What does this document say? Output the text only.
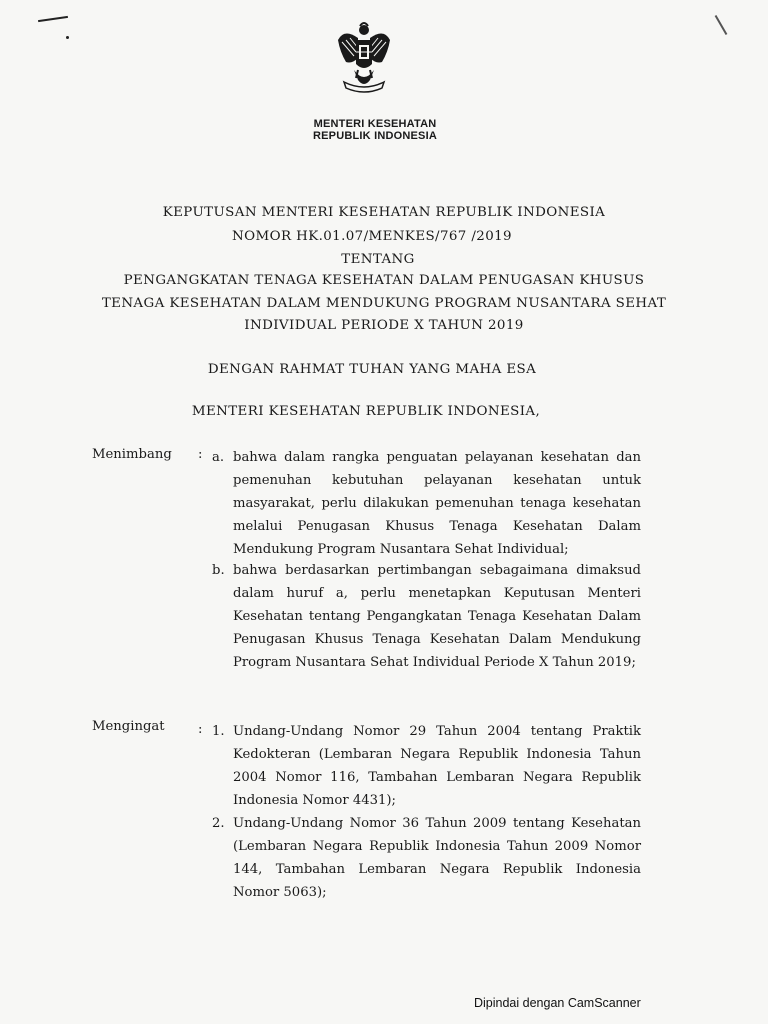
MENTERI KESEHATAN
REPUBLIK INDONESIA
KEPUTUSAN MENTERI KESEHATAN REPUBLIK INDONESIA
NOMOR HK.01.07/MENKES/767 /2019
TENTANG
PENGANGKATAN TENAGA KESEHATAN DALAM PENUGASAN KHUSUS
TENAGA KESEHATAN DALAM MENDUKUNG PROGRAM NUSANTARA SEHAT
INDIVIDUAL PERIODE X TAHUN 2019
DENGAN RAHMAT TUHAN YANG MAHA ESA
MENTERI KESEHATAN REPUBLIK INDONESIA,
Menimbang : a. bahwa dalam rangka penguatan pelayanan kesehatan dan pemenuhan kebutuhan pelayanan kesehatan untuk masyarakat, perlu dilakukan pemenuhan tenaga kesehatan melalui Penugasan Khusus Tenaga Kesehatan Dalam Mendukung Program Nusantara Sehat Individual;
b. bahwa berdasarkan pertimbangan sebagaimana dimaksud dalam huruf a, perlu menetapkan Keputusan Menteri Kesehatan tentang Pengangkatan Tenaga Kesehatan Dalam Penugasan Khusus Tenaga Kesehatan Dalam Mendukung Program Nusantara Sehat Individual Periode X Tahun 2019;
Mengingat	: 1. Undang-Undang Nomor 29 Tahun 2004 tentang Praktik Kedokteran (Lembaran Negara Republik Indonesia Tahun 2004 Nomor 116, Tambahan Lembaran Negara Republik Indonesia Nomor 4431);
2. Undang-Undang Nomor 36 Tahun 2009 tentang Kesehatan (Lembaran Negara Republik Indonesia Tahun 2009 Nomor 144, Tambahan Lembaran Negara Republik Indonesia Nomor 5063);
Dipindai dengan CamScanner
